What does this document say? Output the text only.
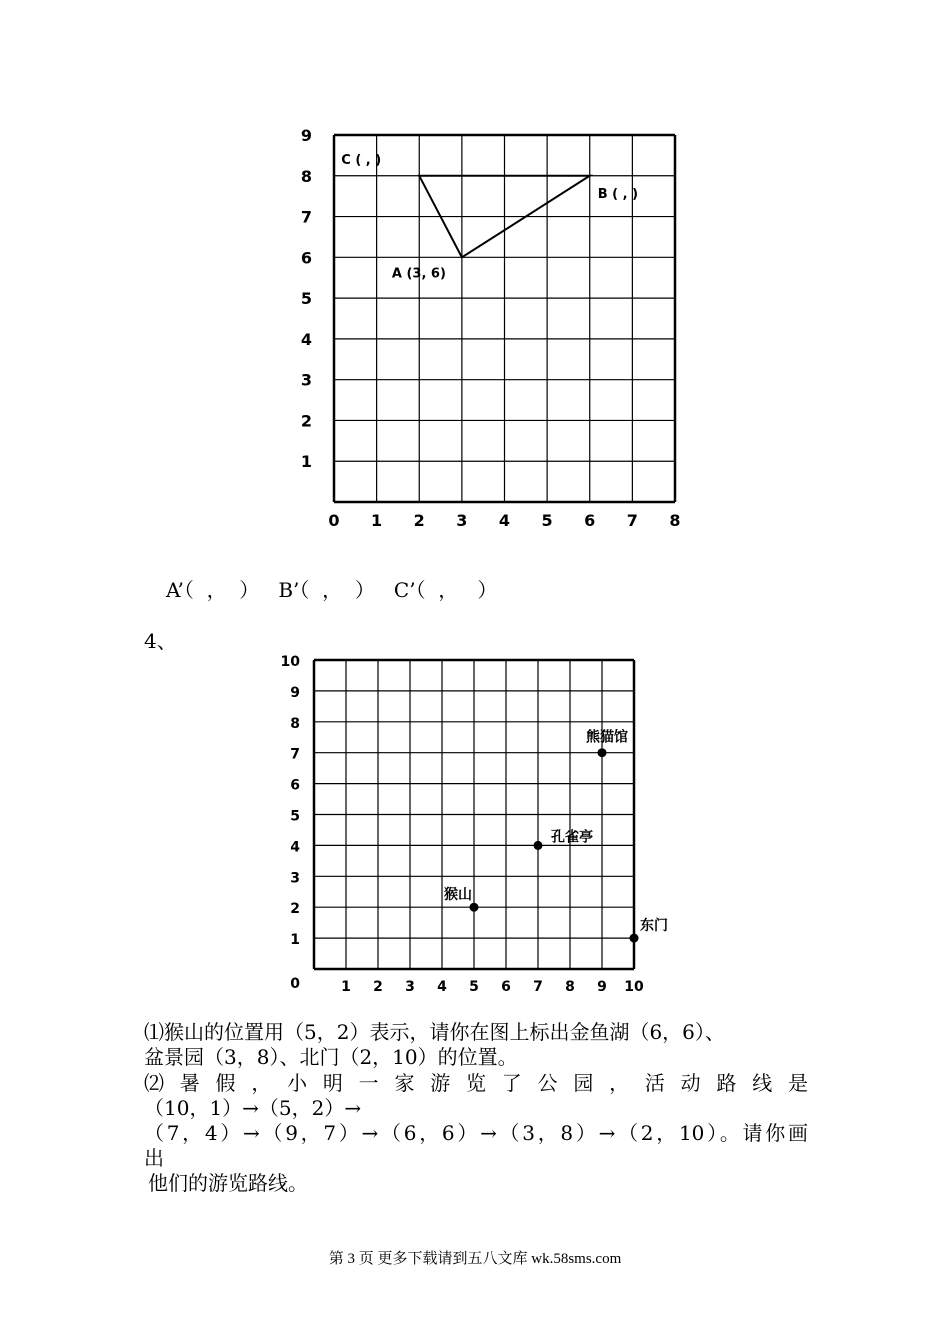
0 1 2 3 4 5 6 7 8
1
2
3
4
5
6
7
8
9
A (3, 6)
B ( , )
C ( , )
A’（  ，  ）   B’（  ，  ）   C’（  ，   ）
4、
1 2 3 4 5 6 7 8 9 10
1
2
3
4
5
6
7
8
9
10
0
熊猫馆
孔雀亭
猴山
东门
⑴猴山的位置用（5，2）表示，请你在图上标出金鱼湖（6，6）、
盆景园（3，8）、北门（2，10）的位置。
⑵ 暑 假 ， 小 明 一 家 游 览 了 公 园 ， 活 动 路 线 是
（10，1）→（5，2）→
（7，4）→（9，7）→（6，6）→（3，8）→（2，10）。请你画
出
他们的游览路线。
第 3 页 更多下载请到五八文库 wk.58sms.com
